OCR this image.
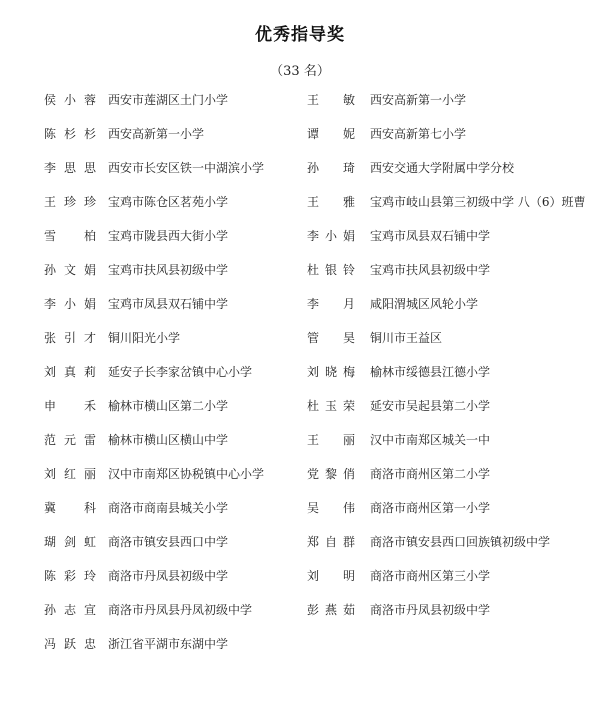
优秀指导奖
（33 名）
侯小蓉 西安市莲湖区土门小学	王 敏 西安高新第一小学
陈杉杉 西安高新第一小学	谭 妮 西安高新第七小学
李思思 西安市长安区铁一中湖滨小学	孙 琦 西安交通大学附属中学分校
王珍珍 宝鸡市陈仓区茗苑小学	王 雅 宝鸡市岐山县第三初级中学 八（6）班曹
雪柏 宝鸡市陇县西大街小学	李小娟 宝鸡市凤县双石铺中学
孙文娟 宝鸡市扶风县初级中学	杜银铃 宝鸡市扶风县初级中学
李小娟 宝鸡市凤县双石铺中学	李 月 咸阳渭城区风轮小学
张引才 铜川阳光小学	管 昊 铜川市王益区
刘真莉 延安子长李家岔镇中心小学	刘晓梅 榆林市绥德县江德小学
申 禾 榆林市横山区第二小学	杜玉荣 延安市吴起县第二小学
范元雷 榆林市横山区横山中学	王 丽 汉中市南郑区城关一中
刘红丽 汉中市南郑区协税镇中心小学	党黎俏 商洛市商州区第二小学
冀 科 商洛市商南县城关小学	吴 伟 商洛市商州区第一小学
瑚剑虹 商洛市镇安县西口中学	郑自群 商洛市镇安县西口回族镇初级中学
陈彩玲 商洛市丹凤县初级中学	刘 明 商洛市商州区第三小学
孙志宣 商洛市丹凤县丹凤初级中学	彭燕茹 商洛市丹凤县初级中学
冯跃忠 浙江省平湖市东湖中学
